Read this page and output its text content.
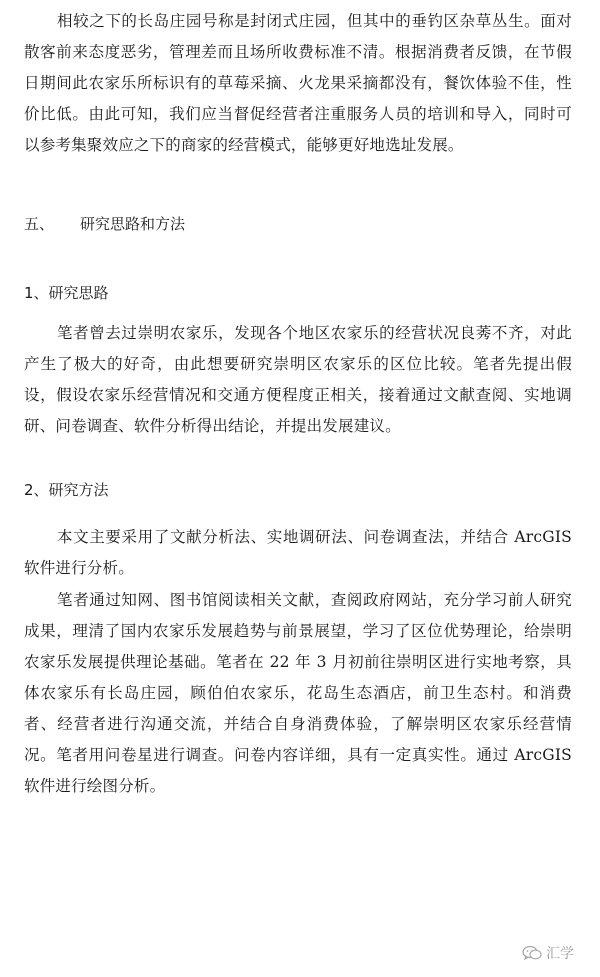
相较之下的长岛庄园号称是封闭式庄园，但其中的垂钓区杂草丛生。面对散客前来态度恶劣，管理差而且场所收费标准不清。根据消费者反馈，在节假日期间此农家乐所标识有的草莓采摘、火龙果采摘都没有，餐饮体验不佳，性价比低。由此可知，我们应当督促经营者注重服务人员的培训和导入，同时可以参考集聚效应之下的商家的经营模式，能够更好地选址发展。

五、 研究思路和方法
1、研究思路

笔者曾去过崇明农家乐，发现各个地区农家乐的经营状况良莠不齐，对此产生了极大的好奇，由此想要研究崇明区农家乐的区位比较。笔者先提出假设，假设农家乐经营情况和交通方便程度正相关，接着通过文献查阅、实地调研、问卷调查、软件分析得出结论，并提出发展建议。

2、研究方法

本文主要采用了文献分析法、实地调研法、问卷调查法，并结合 ArcGIS 软件进行分析。

笔者通过知网、图书馆阅读相关文献，查阅政府网站，充分学习前人研究成果，理清了国内农家乐发展趋势与前景展望，学习了区位优势理论，给崇明农家乐发展提供理论基础。笔者在 22 年 3 月初前往崇明区进行实地考察，具体农家乐有长岛庄园，顾伯伯农家乐，花岛生态酒店，前卫生态村。和消费者、经营者进行沟通交流，并结合自身消费体验，了解崇明区农家乐经营情况。笔者用问卷星进行调查。问卷内容详细，具有一定真实性。通过 ArcGIS 软件进行绘图分析。

汇学
